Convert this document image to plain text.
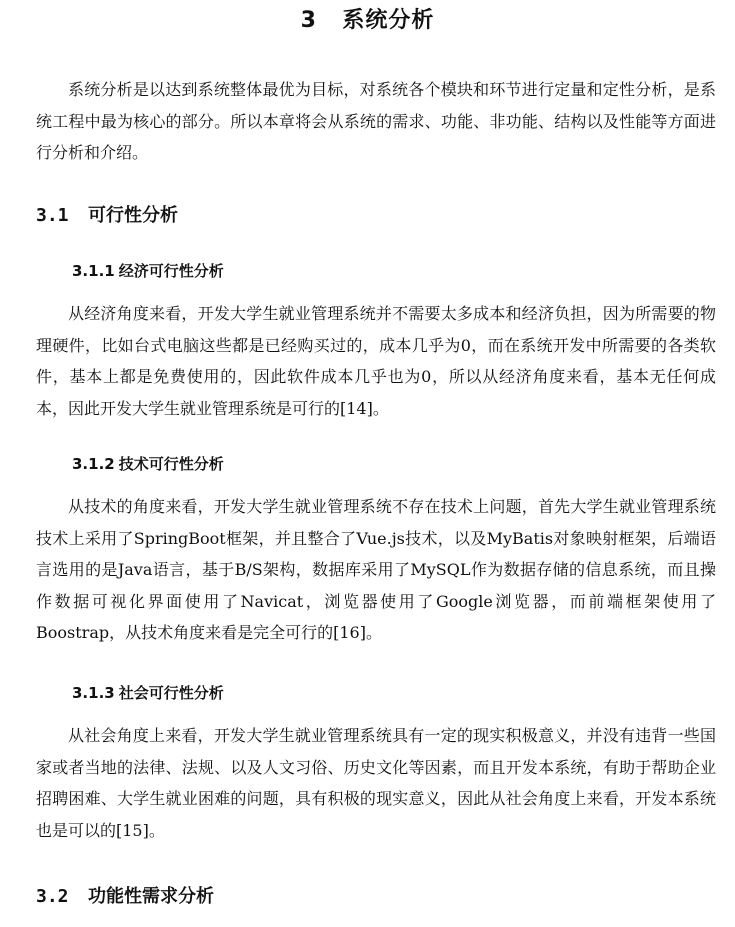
3 系统分析

系统分析是以达到系统整体最优为目标，对系统各个模块和环节进行定量和定性分析，是系统工程中最为核心的部分。所以本章将会从系统的需求、功能、非功能、结构以及性能等方面进行分析和介绍。

3.1 可行性分析
3.1.1 经济可行性分析

从经济角度来看，开发大学生就业管理系统并不需要太多成本和经济负担，因为所需要的物理硬件，比如台式电脑这些都是已经购买过的，成本几乎为0，而在系统开发中所需要的各类软件，基本上都是免费使用的，因此软件成本几乎也为0，所以从经济角度来看，基本无任何成本，因此开发大学生就业管理系统是可行的[14]。

3.1.2 技术可行性分析

从技术的角度来看，开发大学生就业管理系统不存在技术上问题，首先大学生就业管理系统技术上采用了SpringBoot框架，并且整合了Vue.js技术，以及MyBatis对象映射框架，后端语言选用的是Java语言，基于B/S架构，数据库采用了MySQL作为数据存储的信息系统，而且操作数据可视化界面使用了Navicat，浏览器使用了Google浏览器，而前端框架使用了Boostrap，从技术角度来看是完全可行的[16]。

3.1.3 社会可行性分析

从社会角度上来看，开发大学生就业管理系统具有一定的现实积极意义，并没有违背一些国家或者当地的法律、法规、以及人文习俗、历史文化等因素，而且开发本系统，有助于帮助企业招聘困难、大学生就业困难的问题，具有积极的现实意义，因此从社会角度上来看，开发本系统也是可以的[15]。

3.2 功能性需求分析
